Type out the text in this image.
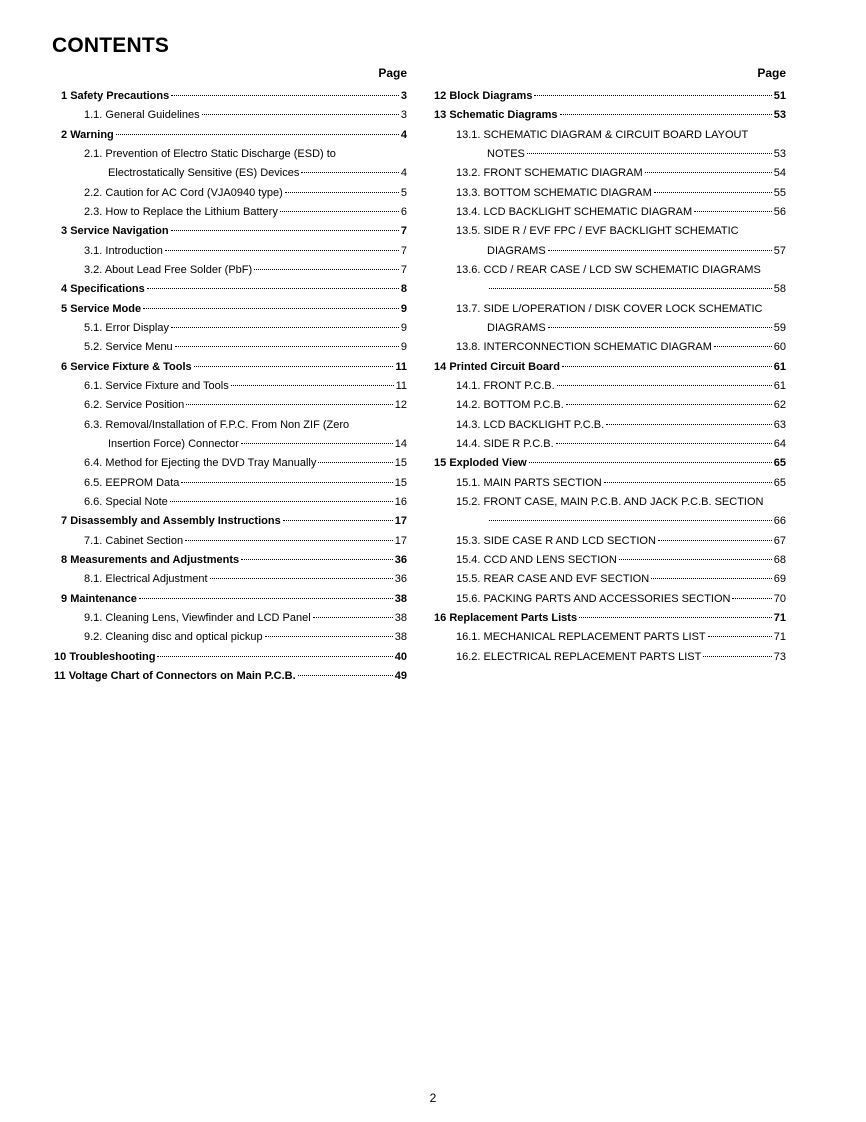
CONTENTS
Page
1 Safety Precautions	3
1.1. General Guidelines	3
2 Warning	4
2.1. Prevention of Electro Static Discharge (ESD) to
Electrostatically Sensitive (ES) Devices	4
2.2. Caution for AC Cord (VJA0940 type)	5
2.3. How to Replace the Lithium Battery	6
3 Service Navigation	7
3.1. Introduction	7
3.2. About Lead Free Solder (PbF)	7
4 Specifications	8
5 Service Mode	9
5.1. Error Display	9
5.2. Service Menu	9
6 Service Fixture & Tools	11
6.1. Service Fixture and Tools	11
6.2. Service Position	12
6.3. Removal/Installation of F.P.C. From Non ZIF (Zero
Insertion Force) Connector	14
6.4. Method for Ejecting the DVD Tray Manually	15
6.5. EEPROM Data	15
6.6. Special Note	16
7 Disassembly and Assembly Instructions	17
7.1. Cabinet Section	17
8 Measurements and Adjustments	36
8.1. Electrical Adjustment	36
9 Maintenance	38
9.1. Cleaning Lens, Viewfinder and LCD Panel	38
9.2. Cleaning disc and optical pickup	38
10 Troubleshooting	40
11 Voltage Chart of Connectors on Main P.C.B.	49
Page
12 Block Diagrams	51
13 Schematic Diagrams	53
13.1. SCHEMATIC DIAGRAM & CIRCUIT BOARD LAYOUT
NOTES	53
13.2. FRONT SCHEMATIC DIAGRAM	54
13.3. BOTTOM SCHEMATIC DIAGRAM	55
13.4. LCD BACKLIGHT SCHEMATIC DIAGRAM	56
13.5. SIDE R / EVF FPC / EVF BACKLIGHT SCHEMATIC
DIAGRAMS	57
13.6. CCD / REAR CASE / LCD SW SCHEMATIC DIAGRAMS
58
13.7. SIDE L/OPERATION / DISK COVER LOCK SCHEMATIC
DIAGRAMS	59
13.8. INTERCONNECTION SCHEMATIC DIAGRAM	60
14 Printed Circuit Board	61
14.1. FRONT P.C.B.	61
14.2. BOTTOM P.C.B.	62
14.3. LCD BACKLIGHT P.C.B.	63
14.4. SIDE R P.C.B.	64
15 Exploded View	65
15.1. MAIN PARTS SECTION	65
15.2. FRONT CASE, MAIN P.C.B. AND JACK P.C.B. SECTION
66
15.3. SIDE CASE R AND LCD SECTION	67
15.4. CCD AND LENS SECTION	68
15.5. REAR CASE AND EVF SECTION	69
15.6. PACKING PARTS AND ACCESSORIES SECTION	70
16 Replacement Parts Lists	71
16.1. MECHANICAL REPLACEMENT PARTS LIST	71
16.2. ELECTRICAL REPLACEMENT PARTS LIST	73
2
